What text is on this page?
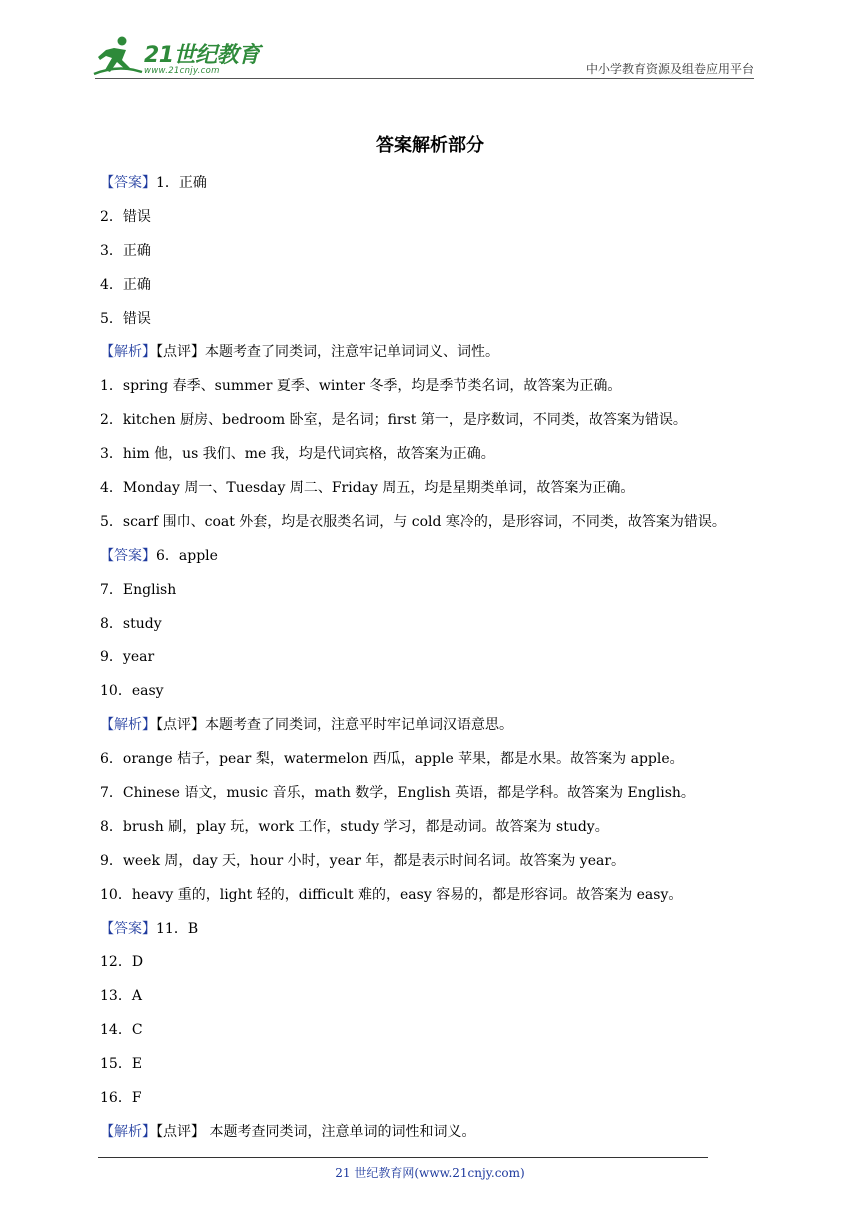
21世纪教育
www.21cnjy.com	中小学教育资源及组卷应用平台
答案解析部分
【答案】1．正确
2．错误
3．正确
4．正确
5．错误
【解析】【点评】本题考查了同类词，注意牢记单词词义、词性。
1．spring 春季、summer 夏季、winter 冬季，均是季节类名词，故答案为正确。
2．kitchen 厨房、bedroom 卧室，是名词；first 第一，是序数词，不同类，故答案为错误。
3．him 他，us 我们、me 我，均是代词宾格，故答案为正确。
4．Monday 周一、Tuesday 周二、Friday 周五，均是星期类单词，故答案为正确。
5．scarf 围巾、coat 外套，均是衣服类名词，与 cold 寒冷的，是形容词，不同类，故答案为错误。
【答案】6．apple
7．English
8．study
9．year
10．easy
【解析】【点评】本题考查了同类词，注意平时牢记单词汉语意思。
6．orange 桔子，pear 梨，watermelon 西瓜，apple 苹果，都是水果。故答案为 apple。
7．Chinese 语文，music 音乐，math 数学，English 英语，都是学科。故答案为 English。
8．brush 刷，play 玩，work 工作，study 学习，都是动词。故答案为 study。
9．week 周，day 天，hour 小时，year 年，都是表示时间名词。故答案为 year。
10．heavy 重的，light 轻的，difficult 难的，easy 容易的，都是形容词。故答案为 easy。
【答案】11．B
12．D
13．A
14．C
15．E
16．F
【解析】【点评】 本题考查同类词，注意单词的词性和词义。
21 世纪教育网(www.21cnjy.com)
